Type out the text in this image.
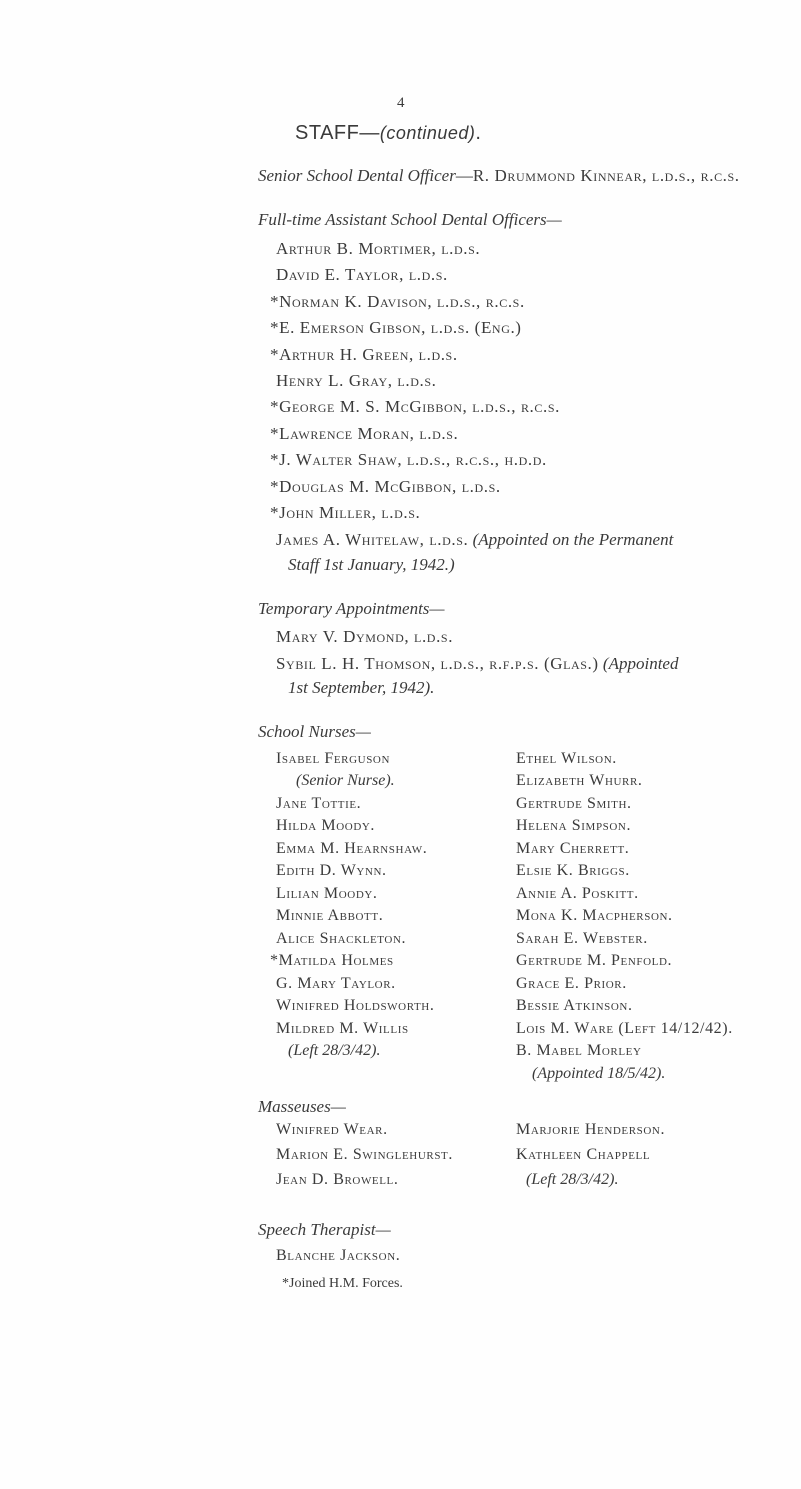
4
STAFF—(continued).
Senior School Dental Officer—R. Drummond Kinnear, l.d.s., r.c.s.
Full-time Assistant School Dental Officers—
Arthur B. Mortimer, l.d.s.
David E. Taylor, l.d.s.
*Norman K. Davison, l.d.s., r.c.s.
*E. Emerson Gibson, l.d.s. (Eng.)
*Arthur H. Green, l.d.s.
Henry L. Gray, l.d.s.
*George M. S. McGibbon, l.d.s., r.c.s.
*Lawrence Moran, l.d.s.
*J. Walter Shaw, l.d.s., r.c.s., h.d.d.
*Douglas M. McGibbon, l.d.s.
*John Miller, l.d.s.
James A. Whitelaw, l.d.s. (Appointed on the Permanent
Staff 1st January, 1942.)
Temporary Appointments—
Mary V. Dymond, l.d.s.
Sybil L. H. Thomson, l.d.s., r.f.p.s. (Glas.) (Appointed
1st September, 1942).
School Nurses—
Isabel Ferguson
(Senior Nurse).
Jane Tottie.
Hilda Moody.
Emma M. Hearnshaw.
Edith D. Wynn.
Lilian Moody.
Minnie Abbott.
Alice Shackleton.
*Matilda Holmes
G. Mary Taylor.
Winifred Holdsworth.
Mildred M. Willis
(Left 28/3/42).
Ethel Wilson.
Elizabeth Whurr.
Gertrude Smith.
Helena Simpson.
Mary Cherrett.
Elsie K. Briggs.
Annie A. Poskitt.
Mona K. Macpherson.
Sarah E. Webster.
Gertrude M. Penfold.
Grace E. Prior.
Bessie Atkinson.
Lois M. Ware (Left 14/12/42).
B. Mabel Morley
(Appointed 18/5/42).
Masseuses—
Winifred Wear.
Marion E. Swinglehurst.
Jean D. Browell.
Marjorie Henderson.
Kathleen Chappell
(Left 28/3/42).
Speech Therapist—
Blanche Jackson.
*Joined H.M. Forces.
